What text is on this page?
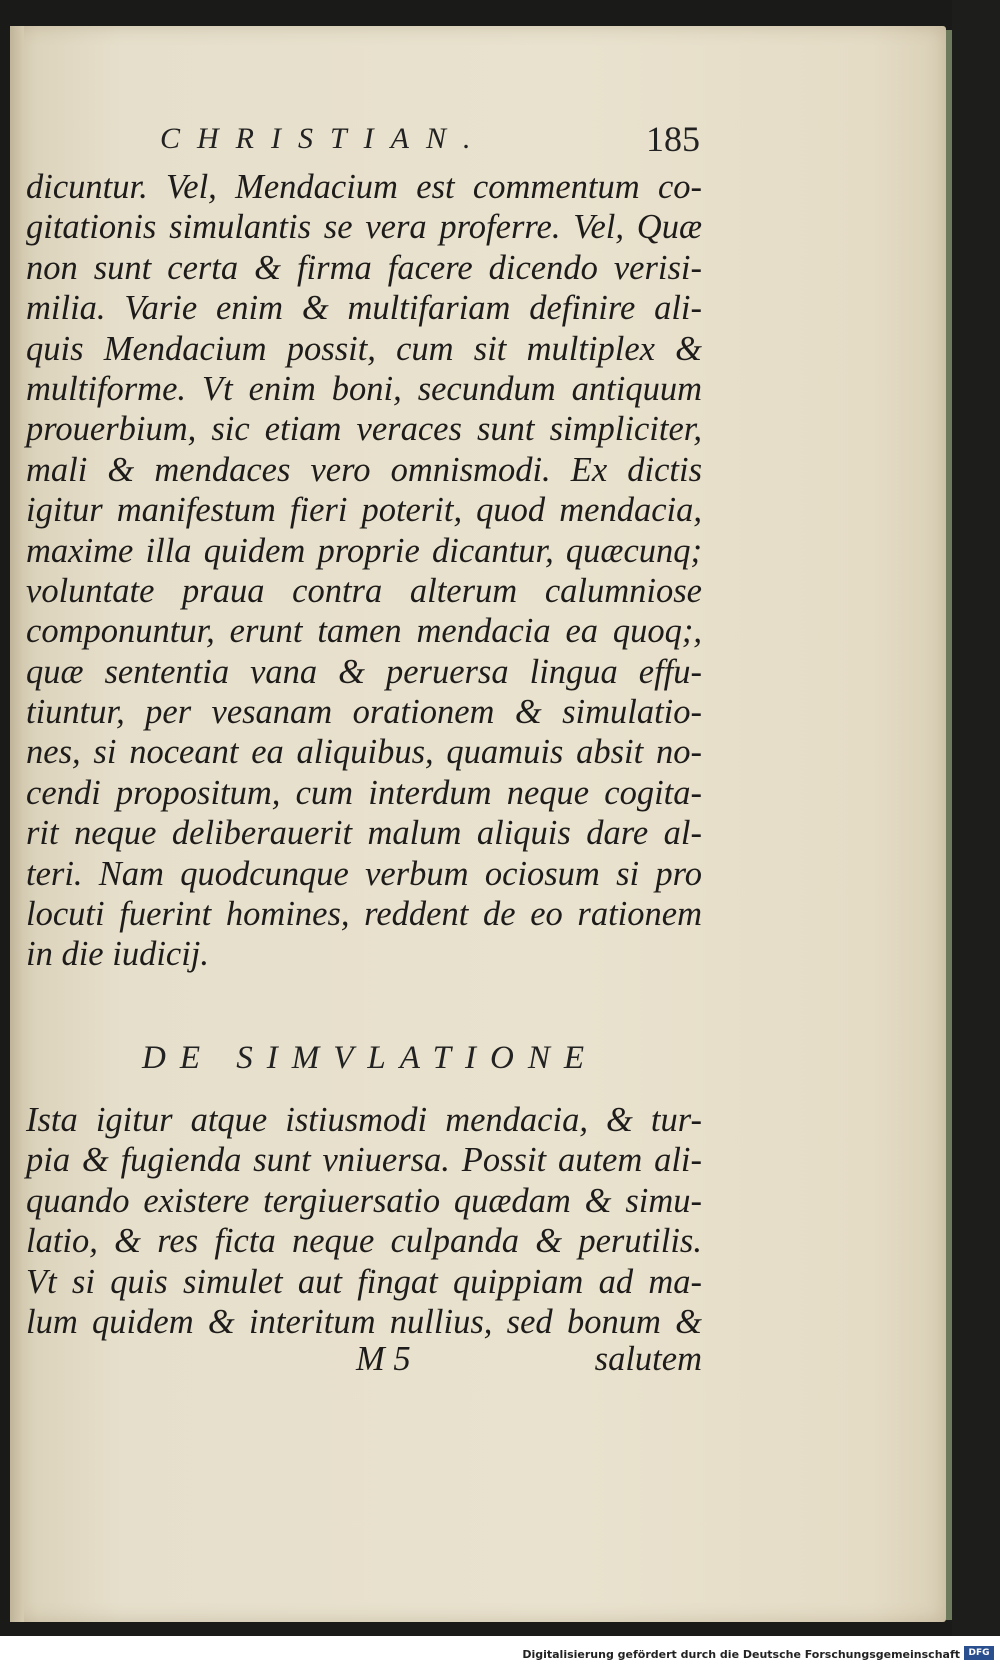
CHRISTIAN.	185
dicuntur. Vel, Mendacium est commentum co-
gitationis simulantis se vera proferre. Vel, Quæ
non sunt certa & firma facere dicendo verisi-
milia. Varie enim & multifariam definire ali-
quis Mendacium possit, cum sit multiplex &
multiforme. Vt enim boni, secundum antiquum
prouerbium, sic etiam veraces sunt simpliciter,
mali & mendaces vero omnismodi. Ex dictis
igitur manifestum fieri poterit, quod mendacia,
maxime illa quidem proprie dicantur, quæcunq;
voluntate praua contra alterum calumniose
componuntur, erunt tamen mendacia ea quoq;,
quæ sententia vana & peruersa lingua effu-
tiuntur, per vesanam orationem & simulatio-
nes, si noceant ea aliquibus, quamuis absit no-
cendi propositum, cum interdum neque cogita-
rit neque deliberauerit malum aliquis dare al-
teri. Nam quodcunque verbum ociosum si pro
locuti fuerint homines, reddent de eo rationem
in die iudicij.
DE SIMVLATIONE
Ista igitur atque istiusmodi mendacia, & tur-
pia & fugienda sunt vniuersa. Possit autem ali-
quando existere tergiuersatio quædam & simu-
latio, & res ficta neque culpanda & perutilis.
Vt si quis simulet aut fingat quippiam ad ma-
lum quidem & interitum nullius, sed bonum &
M 5	salutem
Digitalisierung gefördert durch die Deutsche Forschungsgemeinschaft DFG
